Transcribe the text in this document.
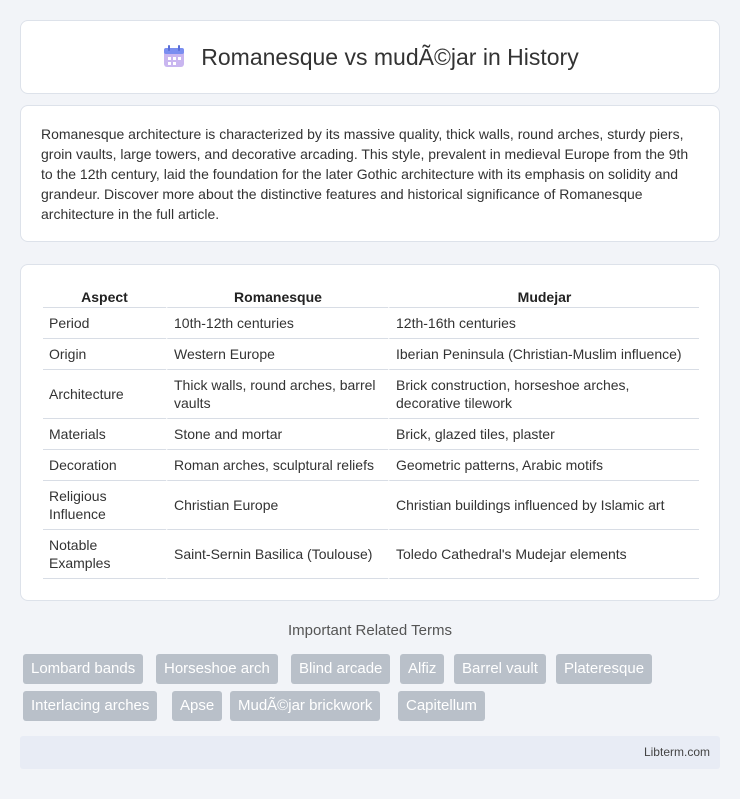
Romanesque vs mudÃ©jar in History

Romanesque architecture is characterized by its massive quality, thick walls, round arches, sturdy piers, groin vaults, large towers, and decorative arcading. This style, prevalent in medieval Europe from the 9th to the 12th century, laid the foundation for the later Gothic architecture with its emphasis on solidity and grandeur. Discover more about the distinctive features and historical significance of Romanesque architecture in the full article.

Aspect	Romanesque	Mudejar
Period	10th-12th centuries	12th-16th centuries
Origin	Western Europe	Iberian Peninsula (Christian-Muslim influence)
Architecture	Thick walls, round arches, barrel vaults	Brick construction, horseshoe arches, decorative tilework
Materials	Stone and mortar	Brick, glazed tiles, plaster
Decoration	Roman arches, sculptural reliefs	Geometric patterns, Arabic motifs
Religious Influence	Christian Europe	Christian buildings influenced by Islamic art
Notable Examples	Saint-Sernin Basilica (Toulouse)	Toledo Cathedral's Mudejar elements
Important Related Terms
Lombard bands	Horseshoe arch	Blind arcade	Alfiz	Barrel vault	Plateresque
Interlacing arches	Apse	MudÃ©jar brickwork	Capitellum
Libterm.com
